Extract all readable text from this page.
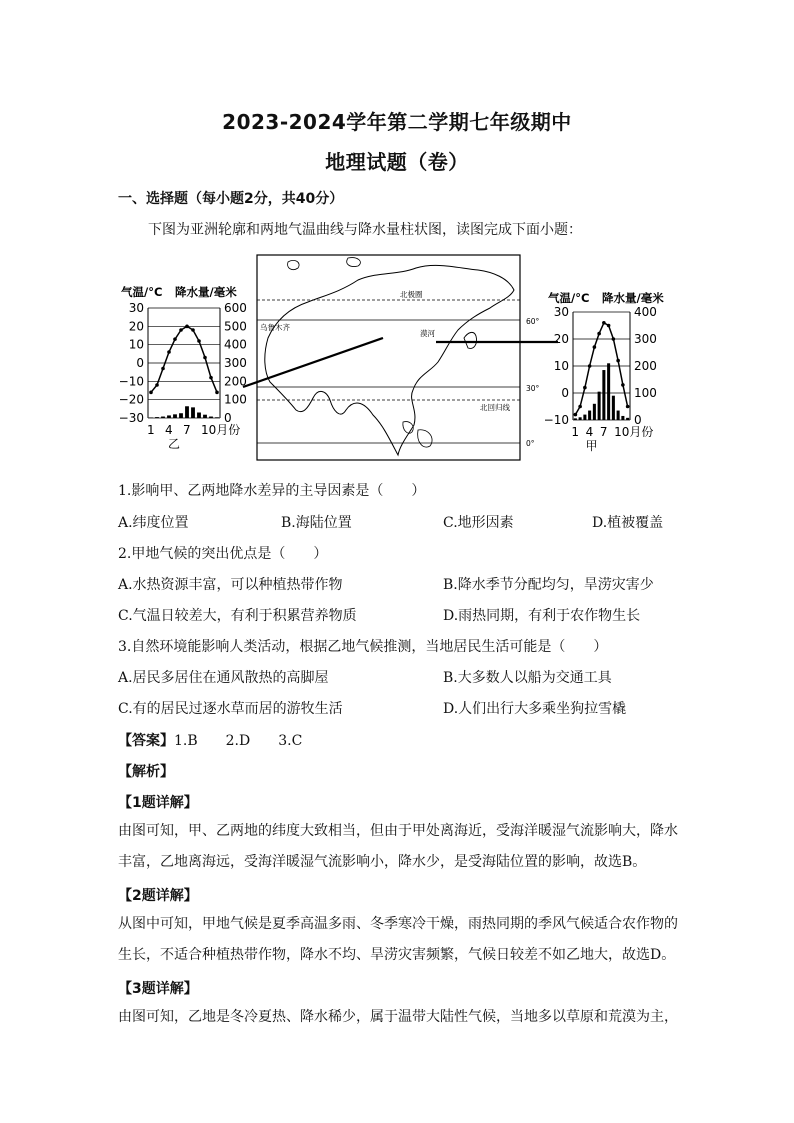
2023-2024学年第二学期七年级期中
地理试题（卷）
一、选择题（每小题2分，共40分）
下图为亚洲轮廓和两地气温曲线与降水量柱状图，读图完成下面小题：
气温/°C 降水量/毫米
30	600
20	500
10	400
0	300
−10	200
−20	100
−30	0
1 4 7 10月份
乙
北极圈
北回归线
60°
30°
0°
乌鲁木齐
漠河
气温/°C 降水量/毫米
30	400
20	300
10	200
0	100
−10	0
1 4 7 10月份
甲
1.影响甲、乙两地降水差异的主导因素是（　　）
A.纬度位置	B.海陆位置	C.地形因素	D.植被覆盖
2.甲地气候的突出优点是（　　）
A.水热资源丰富，可以种植热带作物	B.降水季节分配均匀，旱涝灾害少
C.气温日较差大，有利于积累营养物质	D.雨热同期，有利于农作物生长
3.自然环境能影响人类活动，根据乙地气候推测，当地居民生活可能是（　　）
A.居民多居住在通风散热的高脚屋	B.大多数人以船为交通工具
C.有的居民过逐水草而居的游牧生活	D.人们出行大多乘坐狗拉雪橇
【答案】1.B　　2.D　　3.C
【解析】
【1题详解】
由图可知，甲、乙两地的纬度大致相当，但由于甲处离海近，受海洋暖湿气流影响大，降水丰富，乙地离海远，受海洋暖湿气流影响小，降水少，是受海陆位置的影响，故选B。
【2题详解】
从图中可知，甲地气候是夏季高温多雨、冬季寒冷干燥，雨热同期的季风气候适合农作物的生长，不适合种植热带作物，降水不均、旱涝灾害频繁，气候日较差不如乙地大，故选D。
【3题详解】
由图可知，乙地是冬冷夏热、降水稀少，属于温带大陆性气候，当地多以草原和荒漠为主，
